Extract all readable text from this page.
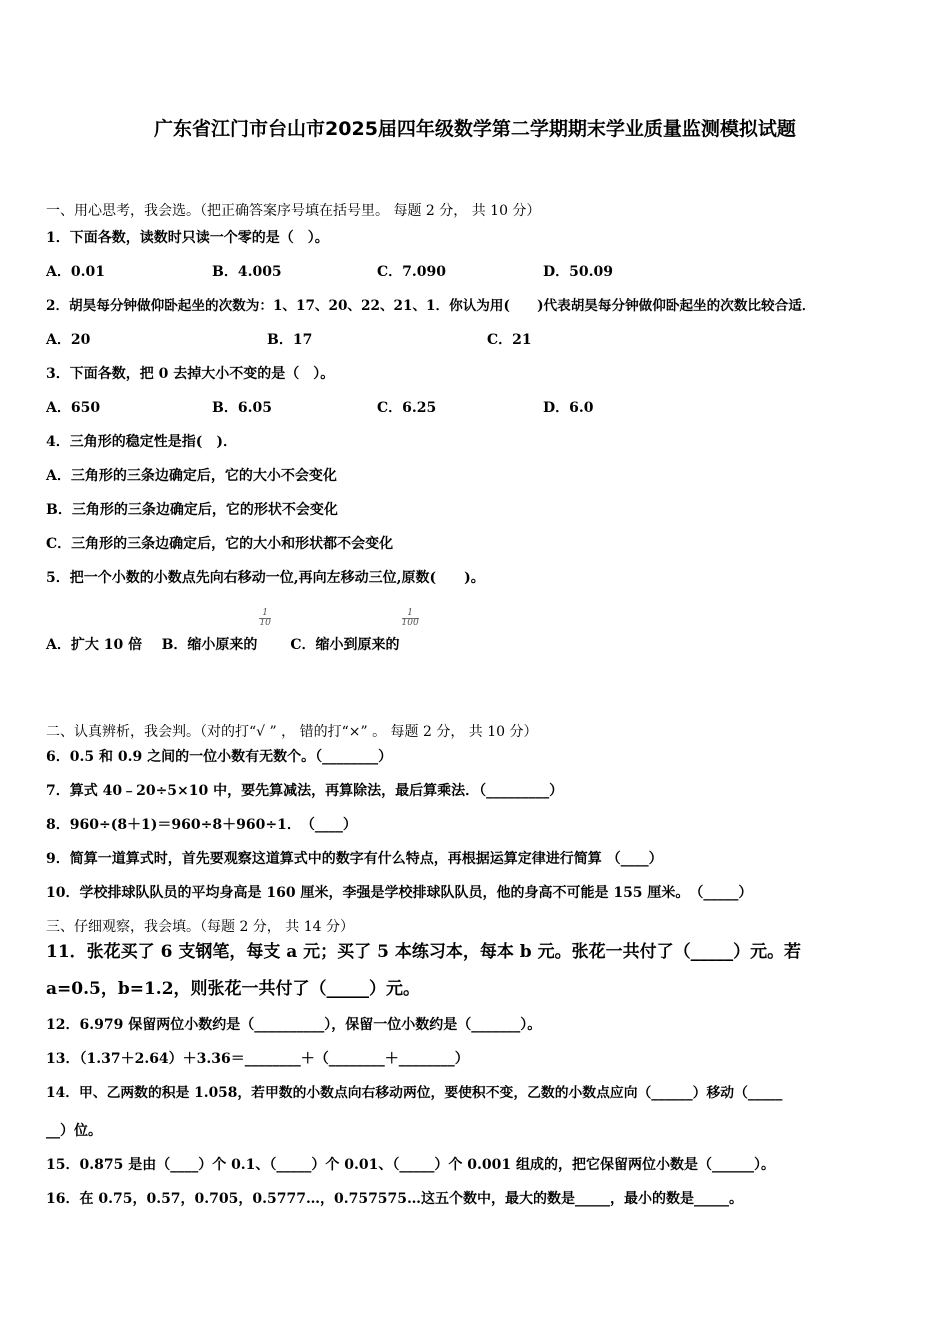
广东省江门市台山市2025届四年级数学第二学期期末学业质量监测模拟试题
一、用心思考，我会选。（把正确答案序号填在括号里。 每题 2 分， 共 10 分）
1．下面各数，读数时只读一个零的是（　）。
A．0.01	B．4.005	C．7.090	D．50.09
2．胡昊每分钟做仰卧起坐的次数为：1、17、20、22、21、1．你认为用(　　)代表胡昊每分钟做仰卧起坐的次数比较合适．
A．20	B．17	C．21
3．下面各数，把 0 去掉大小不变的是（　）。
A．650	B．6.05	C．6.25	D．6.0
4．三角形的稳定性是指(　)．
A．三角形的三条边确定后，它的大小不会变化
B．三角形的三条边确定后，它的形状不会变化
C．三角形的三条边确定后，它的大小和形状都不会变化
5．把一个小数的小数点先向右移动一位,再向左移动三位,原数(　　)。
A．扩大 10 倍 B．缩小原来的$\frac{1}{10}$
C．缩小到原来的$\frac{1}{100}$
二、认真辨析，我会判。（对的打“√ ” ， 错的打“×” 。 每题 2 分， 共 10 分）
6．0.5 和 0.9 之间的一位小数有无数个。（________）
7．算式 40﹣20÷5×10 中，要先算减法，再算除法，最后算乘法．（_________）
8．960÷(8＋1)＝960÷8＋960÷1．　（____）
9．简算一道算式时，首先要观察这道算式中的数字有什么特点，再根据运算定律进行简算 （____）
10．学校排球队队员的平均身高是 160 厘米，李强是学校排球队队员，他的身高不可能是 155 厘米。　（_____）
三、仔细观察，我会填。（每题 2 分， 共 14 分）
11．张花买了 6 支钢笔，每支 a 元；买了 5 本练习本，每本 b 元。张花一共付了（_____）元。若
a=0.5，b=1.2，则张花一共付了（_____）元。
12．6.979 保留两位小数约是（__________），保留一位小数约是（_______）。
13．（1.37＋2.64）＋3.36＝________＋（________＋________）
14．甲、乙两数的积是 1.058，若甲数的小数点向右移动两位，要使积不变，乙数的小数点应向（______）移动（_____
__）位。
15．0.875 是由（____）个 0.1、（_____）个 0.01、（_____）个 0.001 组成的，把它保留两位小数是（______）。
16．在 0.75，0.57，0.705，0.5777…，0.757575…这五个数中，最大的数是_____，最小的数是_____。
